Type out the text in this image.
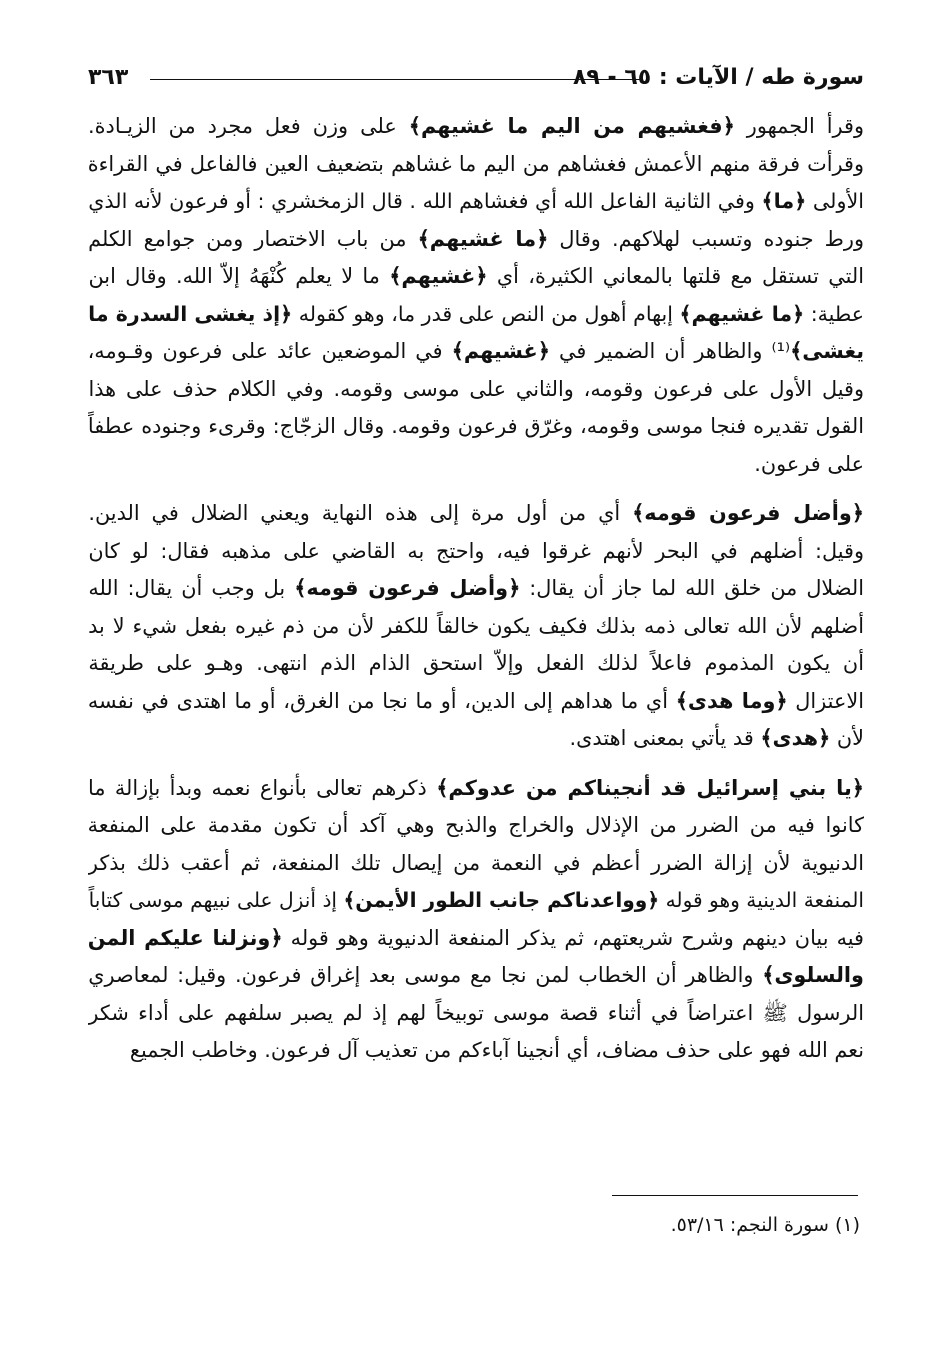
سورة طه / الآيات : ٦٥ - ٨٩
٣٦٣

وقرأ الجمهور ﴿فغشيهم من اليم ما غشيهم﴾ على وزن فعل مجرد من الزيـادة.
وقرأت فرقة منهم الأعمش فغشاهم من اليم ما غشاهم بتضعيف العين فالفاعل في القراءة
الأولى ﴿ما﴾ وفي الثانية الفاعل الله أي فغشاهم الله . قال الزمخشري : أو فرعون لأنه الذي
ورط جنوده وتسبب لهلاكهم. وقال ﴿ما غشيهم﴾ من باب الاختصار ومن جوامع الكلم
التي تستقل مع قلتها بالمعاني الكثيرة، أي ﴿غشيهم﴾ ما لا يعلم كُنْهَهُ إلاّ الله. وقال ابن
عطية: ﴿ما غشيهم﴾ إبهام أهول من النص على قدر ما، وهو كقوله ﴿إذ يغشى السدرة ما
يغشى﴾⁽¹⁾ والظاهر أن الضمير في ﴿غشيهم﴾ في الموضعين عائد على فرعون وقـومه،
وقيل الأول على فرعون وقومه، والثاني على موسى وقومه. وفي الكلام حذف على هذا
القول تقديره فنجا موسى وقومه، وغرّق فرعون وقومه. وقال الزجّاج: وقرىء وجنوده عطفاً
على فرعون.

﴿وأضل فرعون قومه﴾ أي من أول مرة إلى هذه النهاية ويعني الضلال في الدين.
وقيل: أضلهم في البحر لأنهم غرقوا فيه، واحتج به القاضي على مذهبه فقال: لو كان
الضلال من خلق الله لما جاز أن يقال: ﴿وأضل فرعون قومه﴾ بل وجب أن يقال: الله
أضلهم لأن الله تعالى ذمه بذلك فكيف يكون خالقاً للكفر لأن من ذم غيره بفعل شيء لا بد
أن يكون المذموم فاعلاً لذلك الفعل وإلاّ استحق الذام الذم انتهى. وهـو على طريقة
الاعتزال ﴿وما هدى﴾ أي ما هداهم إلى الدين، أو ما نجا من الغرق، أو ما اهتدى في نفسه
لأن ﴿هدى﴾ قد يأتي بمعنى اهتدى.

﴿يا بني إسرائيل قد أنجيناكم من عدوكم﴾ ذكرهم تعالى بأنواع نعمه وبدأ بإزالة ما
كانوا فيه من الضرر من الإذلال والخراج والذبح وهي آكد أن تكون مقدمة على المنفعة
الدنيوية لأن إزالة الضرر أعظم في النعمة من إيصال تلك المنفعة، ثم أعقب ذلك بذكر
المنفعة الدينية وهو قوله ﴿وواعدناكم جانب الطور الأيمن﴾ إذ أنزل على نبيهم موسى كتاباً
فيه بيان دينهم وشرح شريعتهم، ثم يذكر المنفعة الدنيوية وهو قوله ﴿ونزلنا عليكم المن
والسلوى﴾ والظاهر أن الخطاب لمن نجا مع موسى بعد إغراق فرعون. وقيل: لمعاصري
الرسول ﷺ اعتراضاً في أثناء قصة موسى توبيخاً لهم إذ لم يصبر سلفهم على أداء شكر
نعم الله فهو على حذف مضاف، أي أنجينا آباءكم من تعذيب آل فرعون. وخاطب الجميع

(١) سورة النجم: ٥٣/١٦.
